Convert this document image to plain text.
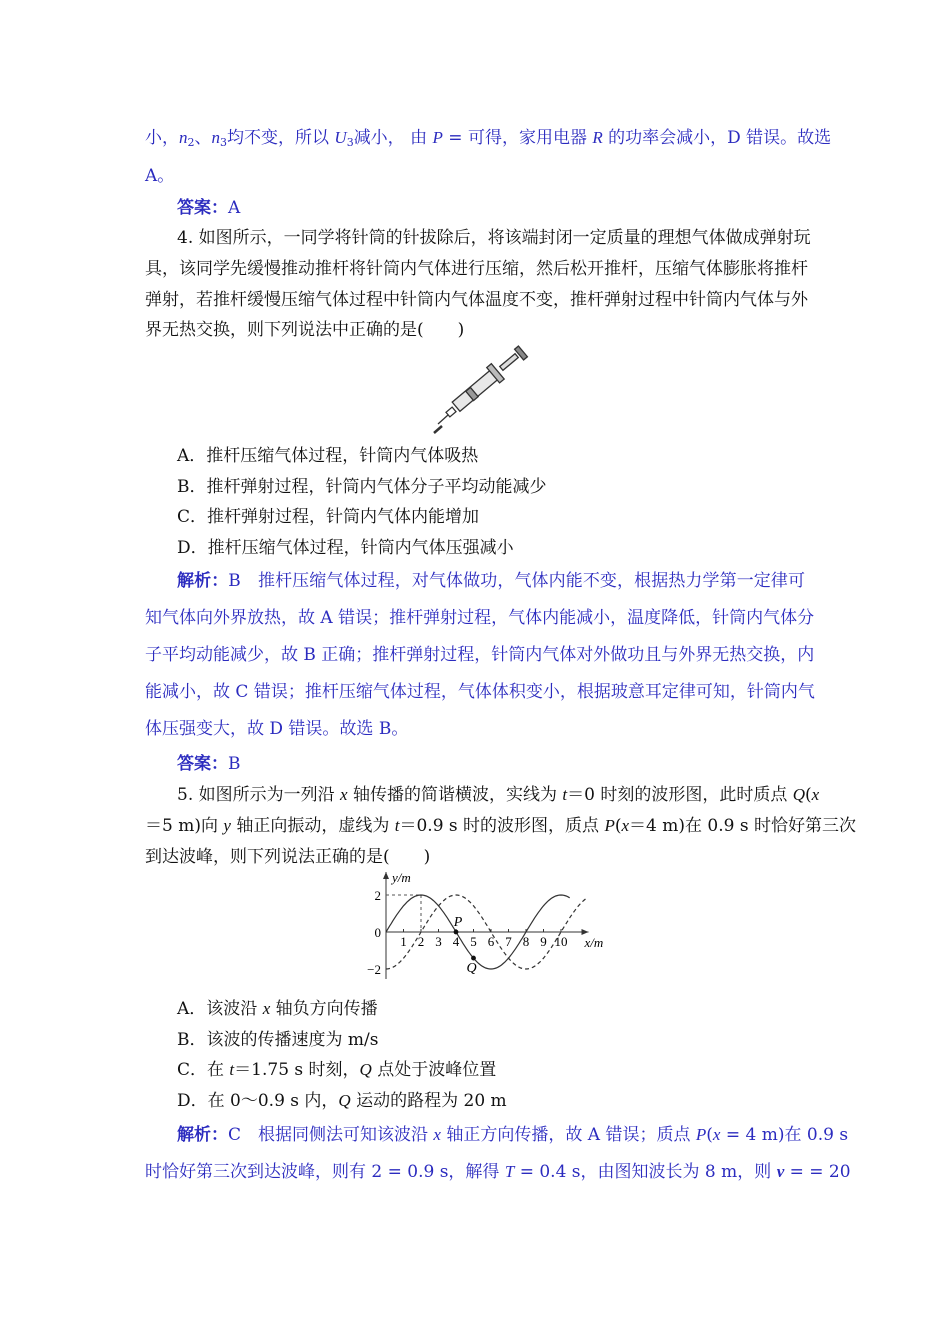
小，$n_2$、$n_3$均不变，所以 $U_3$减小， 由 P = 可得，家用电器 R 的功率会减小，D 错误。故选
A。
答案：A
4. 如图所示，一同学将针筒的针拔除后，将该端封闭一定质量的理想气体做成弹射玩
具，该同学先缓慢推动推杆将针筒内气体进行压缩，然后松开推杆，压缩气体膨胀将推杆
弹射，若推杆缓慢压缩气体过程中针筒内气体温度不变，推杆弹射过程中针筒内气体与外
界无热交换，则下列说法中正确的是(　　)
A．推杆压缩气体过程，针筒内气体吸热
B．推杆弹射过程，针筒内气体分子平均动能减少
C．推杆弹射过程，针筒内气体内能增加
D．推杆压缩气体过程，针筒内气体压强减小
解析：B　推杆压缩气体过程，对气体做功，气体内能不变，根据热力学第一定律可
知气体向外界放热，故 A 错误；推杆弹射过程，气体内能减小，温度降低，针筒内气体分
子平均动能减少，故 B 正确；推杆弹射过程，针筒内气体对外做功且与外界无热交换，内
能减小，故 C 错误；推杆压缩气体过程，气体体积变小，根据玻意耳定律可知，针筒内气
体压强变大，故 D 错误。故选 B。
答案：B
5. 如图所示为一列沿 x 轴传播的简谐横波，实线为 t＝0 时刻的波形图，此时质点 Q(x
＝5 m)向 y 轴正向振动，虚线为 t＝0.9 s 时的波形图，质点 P(x＝4 m)在 0.9 s 时恰好第三次
到达波峰，则下列说法正确的是(　　)
y/m
x/m
2
0
−2
1 2 3 4 5 6 7 8 9 10
P
Q
A．该波沿 x 轴负方向传播
B．该波的传播速度为 m/s
C．在 t＝1.75 s 时刻，Q 点处于波峰位置
D．在 0～0.9 s 内，Q 运动的路程为 20 m
解析：C　根据同侧法可知该波沿 x 轴正方向传播，故 A 错误；质点 P(x = 4 m)在 0.9 s
时恰好第三次到达波峰，则有 2 = 0.9 s，解得 T = 0.4 s，由图知波长为 8 m，则 v = = 20
